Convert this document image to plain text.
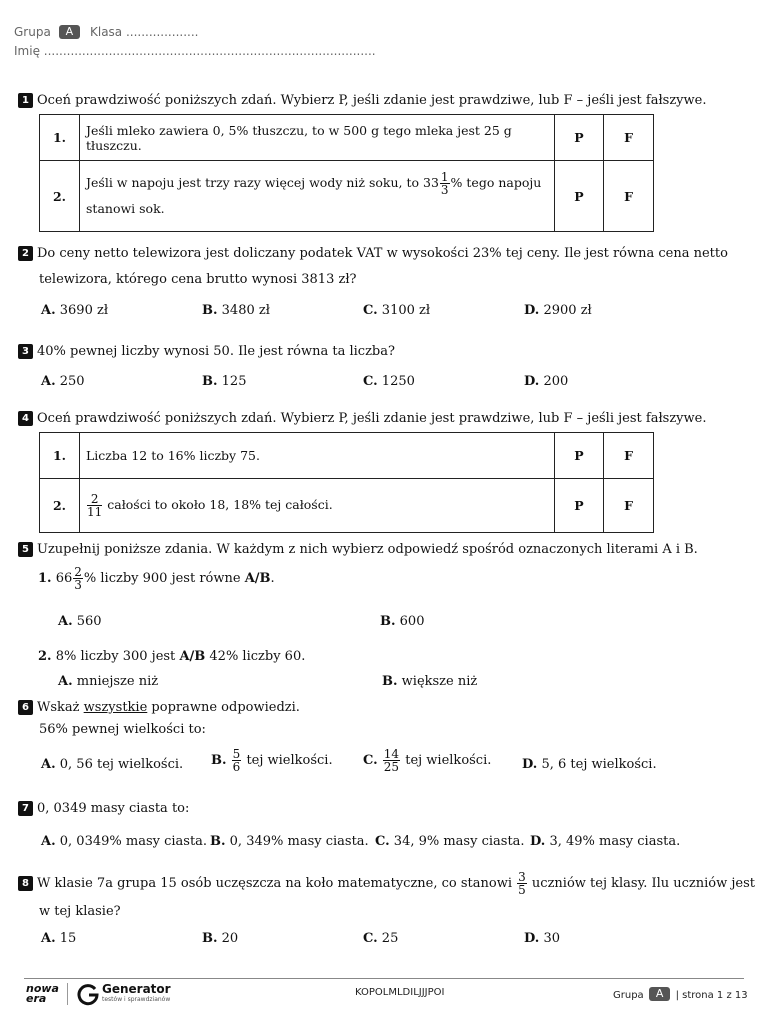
Grupa A Klasa ...................
Imię .......................................................................................
1 Oceń prawdziwość poniższych zdań. Wybierz P, jeśli zdanie jest prawdziwe, lub F – jeśli jest fałszywe.
1.	Jeśli mleko zawiera 0, 5% tłuszczu, to w 500 g tego mleka jest 25 g tłuszczu.	P	F
2.	Jeśli w napoju jest trzy razy więcej wody niż soku, to $33 \frac{1}{3}$ % tego napoju
stanowi sok.	P	F
2 Do ceny netto telewizora jest doliczany podatek VAT w wysokości 23% tej ceny. Ile jest równa cena netto
telewizora, którego cena brutto wynosi 3813 zł?
A. 3690 zł	B. 3480 zł	C. 3100 zł	D. 2900 zł
3 40% pewnej liczby wynosi 50. Ile jest równa ta liczba?
A. 250	B. 125	C. 1250	D. 200
4 Oceń prawdziwość poniższych zdań. Wybierz P, jeśli zdanie jest prawdziwe, lub F – jeśli jest fałszywe.
1.	Liczba 12 to 16% liczby 75.	P	F
2.	$\frac{2}{11}$ całości to około 18, 18% tej całości.	P	F
5 Uzupełnij poniższe zdania. W każdym z nich wybierz odpowiedź spośród oznaczonych literami A i B.
1. $66 \frac{2}{3}$ % liczby 900 jest równe A/B.
A. 560	B. 600
2. 8% liczby 300 jest A/B 42% liczby 60.
A. mniejsze niż	B. większe niż
6 Wskaż wszystkie poprawne odpowiedzi.
56% pewnej wielkości to:
A. 0, 56 tej wielkości. B. $\frac{5}{6}$ tej wielkości. C. $\frac{14}{25}$ tej wielkości. D. 5, 6 tej wielkości.
7 0, 0349 masy ciasta to:
A. 0, 0349% masy ciasta. B. 0, 349% masy ciasta. C. 34, 9% masy ciasta. D. 3, 49% masy ciasta.
8 W klasie 7a grupa 15 osób uczęszcza na koło matematyczne, co stanowi $\frac{3}{5}$ uczniów tej klasy. Ilu uczniów jest
w tej klasie?
A. 15	B. 20	C. 25	D. 30
nowa
era
Generator
testów i sprawdzianów
KOPOLMLDILJJJPOI	Grupa A | strona 1 z 13
